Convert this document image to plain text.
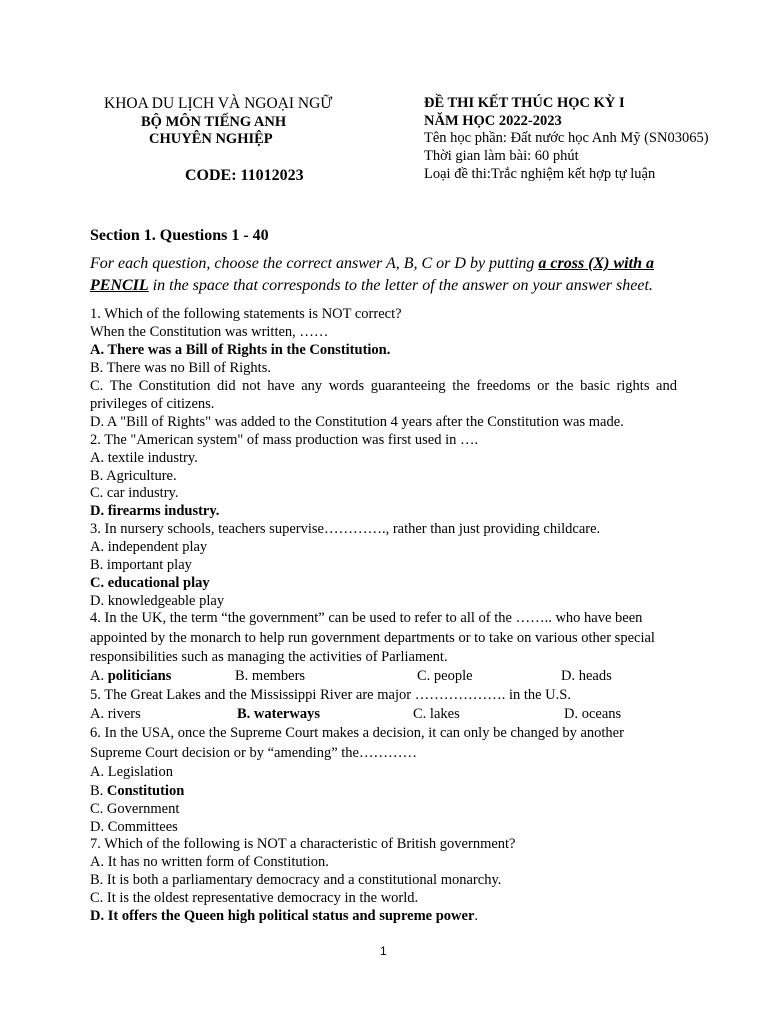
KHOA DU LỊCH VÀ NGOẠI NGỮ
BỘ MÔN TIẾNG ANH
CHUYÊN NGHIỆP
CODE: 11012023
ĐỀ THI KẾT THÚC HỌC KỲ I
NĂM HỌC 2022-2023
Tên học phần: Đất nước học Anh Mỹ (SN03065)
Thời gian làm bài: 60 phút
Loại đề thi:Trắc nghiệm kết hợp tự luận
Section 1. Questions 1 - 40
For each question, choose the correct answer A, B, C or D by putting a cross (X) with a PENCIL in the space that corresponds to the letter of the answer on your answer sheet.
1. Which of the following statements is NOT correct?
When the Constitution was written, ……
A. There was a Bill of Rights in the Constitution.
B. There was no Bill of Rights.
C. The Constitution did not have any words guaranteeing the freedoms or the basic rights and privileges of citizens.
D. A "Bill of Rights" was added to the Constitution 4 years after the Constitution was made.
2. The "American system" of mass production was first used in ….
A. textile industry.
B. Agriculture.
C. car industry.
D. firearms industry.
3. In nursery schools, teachers supervise…………., rather than just providing childcare.
A. independent play
B. important play
C. educational play
D. knowledgeable play
4. In the UK, the term “the government” can be used to refer to all of the …….. who have been appointed by the monarch to help run government departments or to take on various other special responsibilities such as managing the activities of Parliament.
A. politicians	B. members	C. people	D. heads
5. The Great Lakes and the Mississippi River are major ………………. in the U.S.
A. rivers	B. waterways	C. lakes	D. oceans
6. In the USA, once the Supreme Court makes a decision, it can only be changed by another Supreme Court decision or by “amending” the…………
A. Legislation
B. Constitution
C. Government
D. Committees
7. Which of the following is NOT a characteristic of British government?
A. It has no written form of Constitution.
B. It is both a parliamentary democracy and a constitutional monarchy.
C. It is the oldest representative democracy in the world.
D. It offers the Queen high political status and supreme power.
1
